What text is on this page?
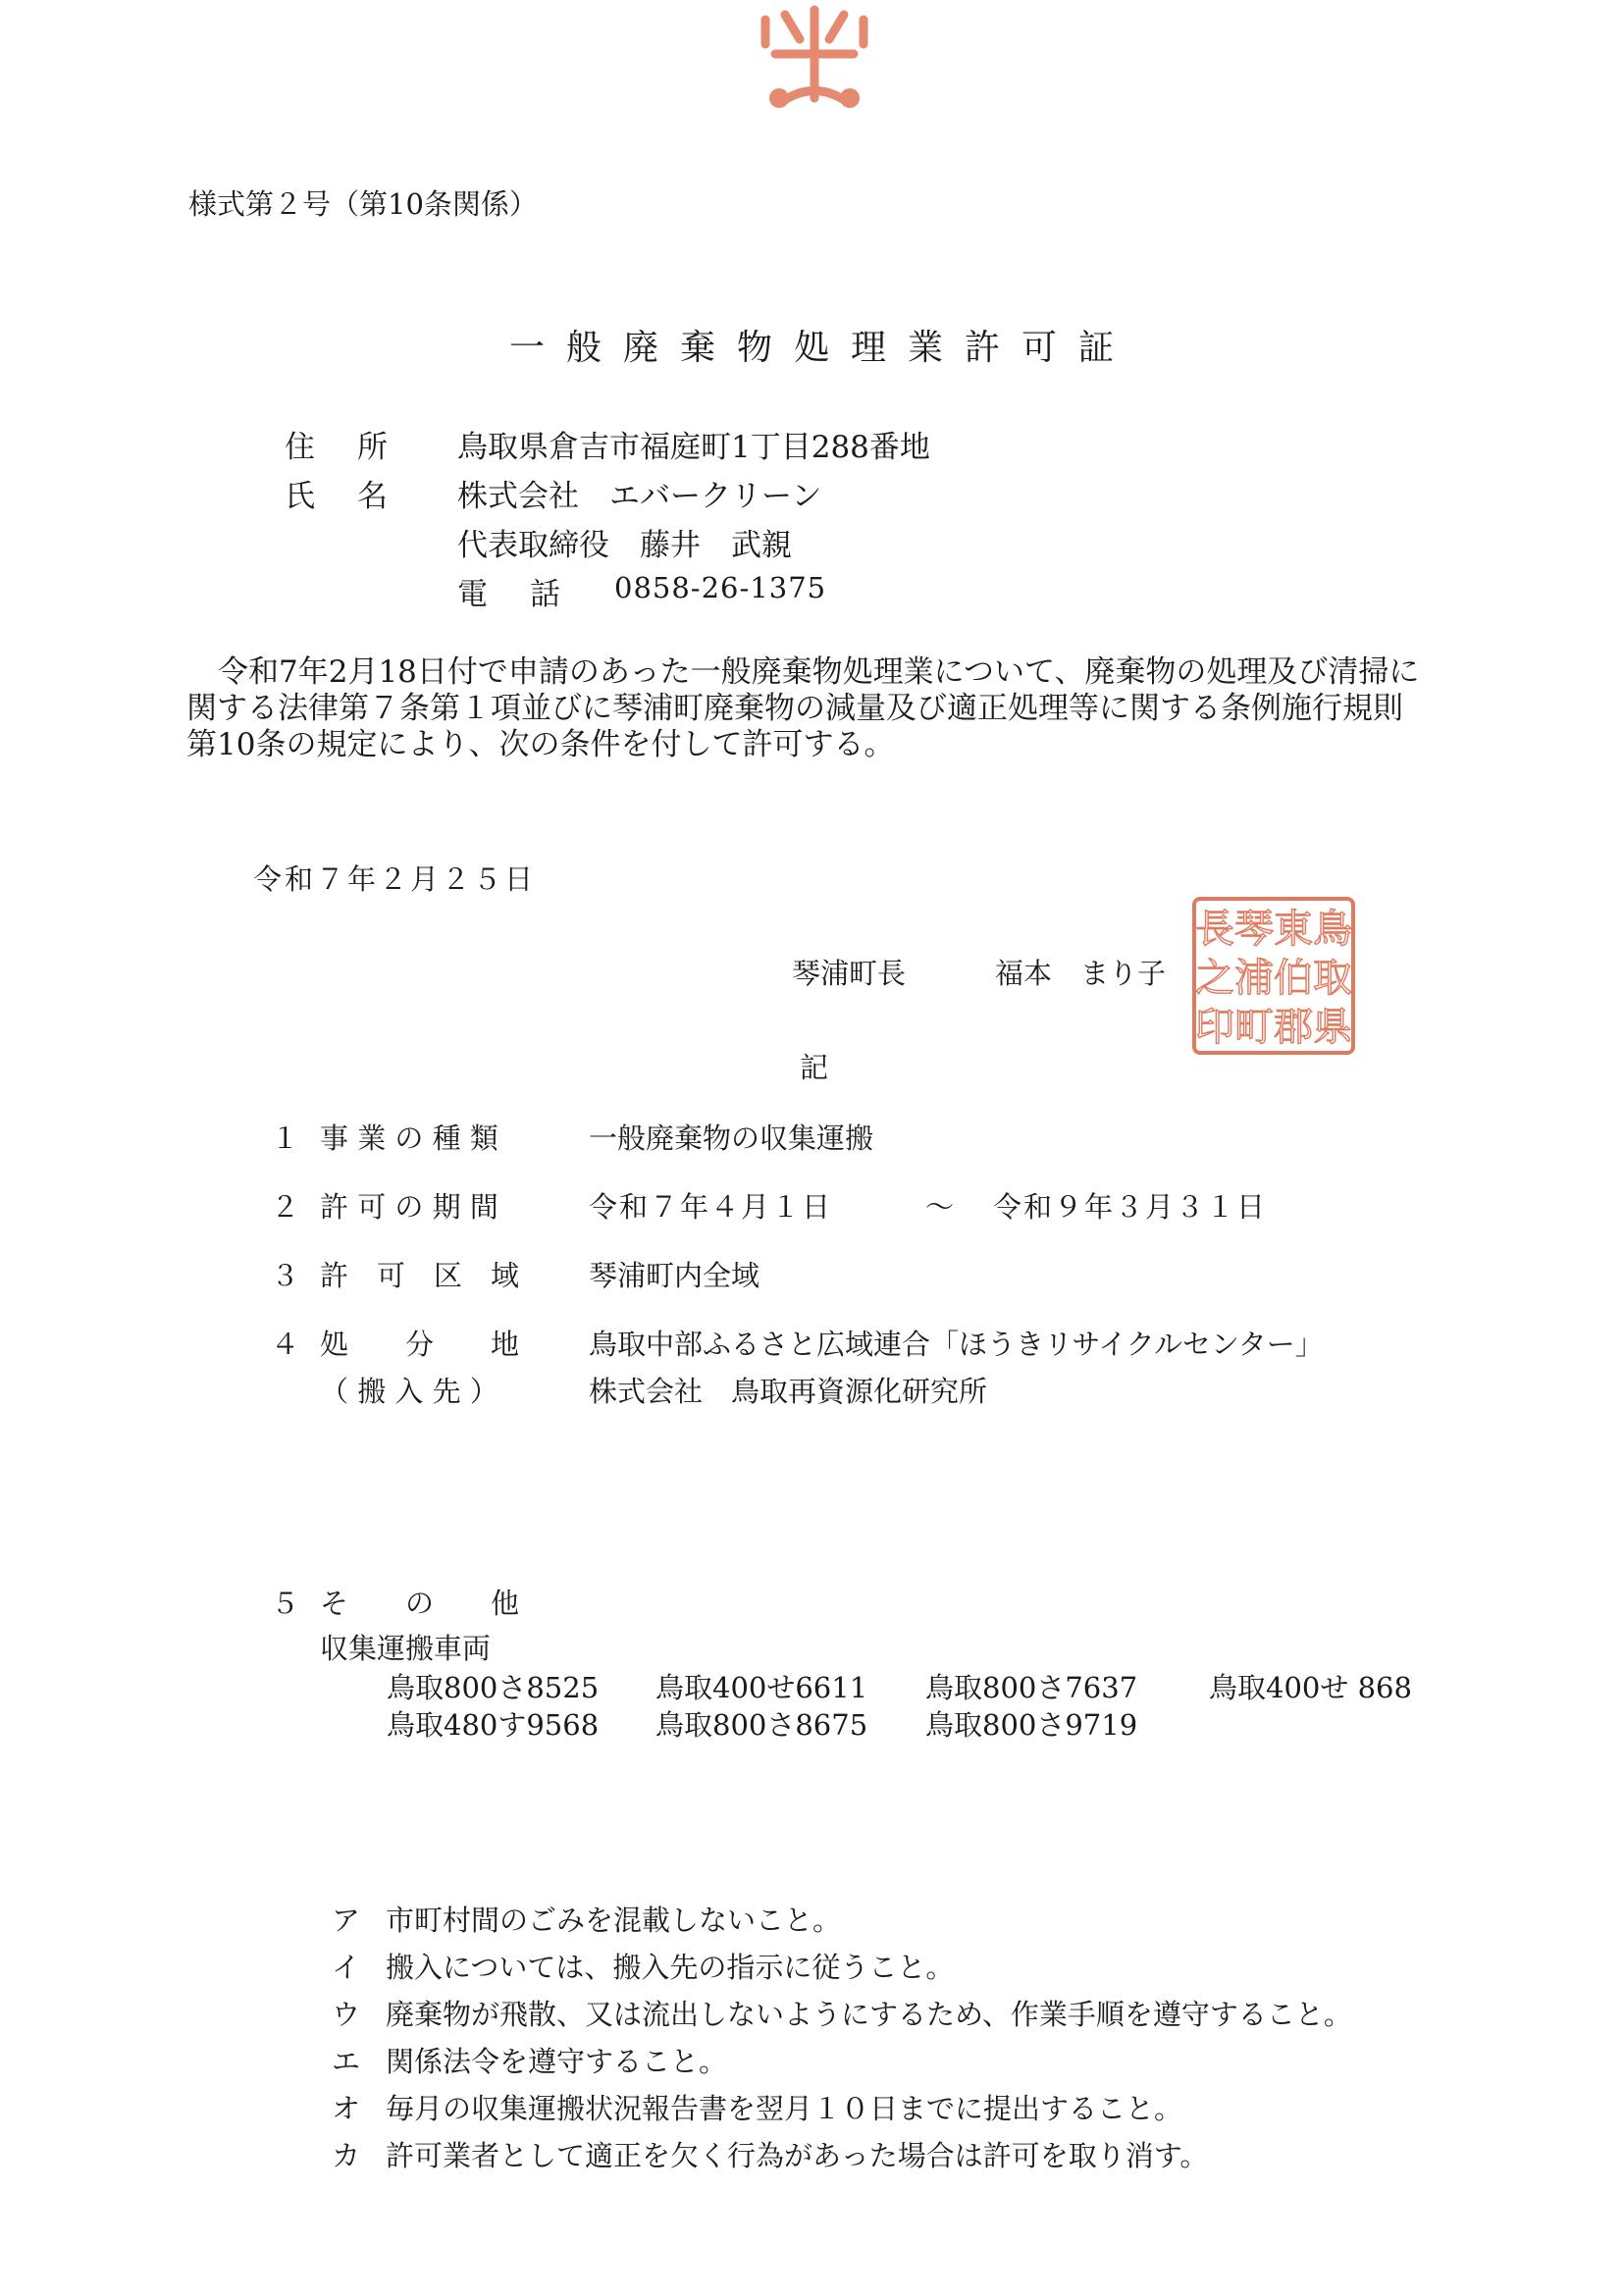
様式第２号（第10条関係）
一般廃棄物処理業許可証
住　所 鳥取県倉吉市福庭町1丁目288番地
氏　名 株式会社　エバークリーン
代表取締役　藤井　武親
電　話 0858-26-1375
令和7年2月18日付で申請のあった一般廃棄物処理業について、廃棄物の処理及び清掃に関する法律第７条第１項並びに琴浦町廃棄物の減量及び適正処理等に関する条例施行規則第10条の規定により、次の条件を付して許可する。
令和７年２月２５日
琴浦町長	福本　まり子
鳥
取
県
東
伯
郡
琴
浦
町
長
之
印
記
１ 事 業 の 種 類	一般廃棄物の収集運搬
２ 許 可 の 期 間	令和７年４月１日	～ 令和９年３月３１日
３ 許　可　区　域 琴浦町内全域
４ 処　　分　　地 鳥取中部ふるさと広域連合「ほうきリサイクルセンター」
（ 搬 入 先 ）	株式会社　鳥取再資源化研究所
５ そ　　の　　他
収集運搬車両
鳥取800さ8525 鳥取400せ6611 鳥取800さ7637	鳥取400せ 868
鳥取480す9568 鳥取800さ8675 鳥取800さ9719
ア 市町村間のごみを混載しないこと。
イ 搬入については、搬入先の指示に従うこと。
ウ 廃棄物が飛散、又は流出しないようにするため、作業手順を遵守すること。
エ 関係法令を遵守すること。
オ 毎月の収集運搬状況報告書を翌月１０日までに提出すること。
カ 許可業者として適正を欠く行為があった場合は許可を取り消す。
